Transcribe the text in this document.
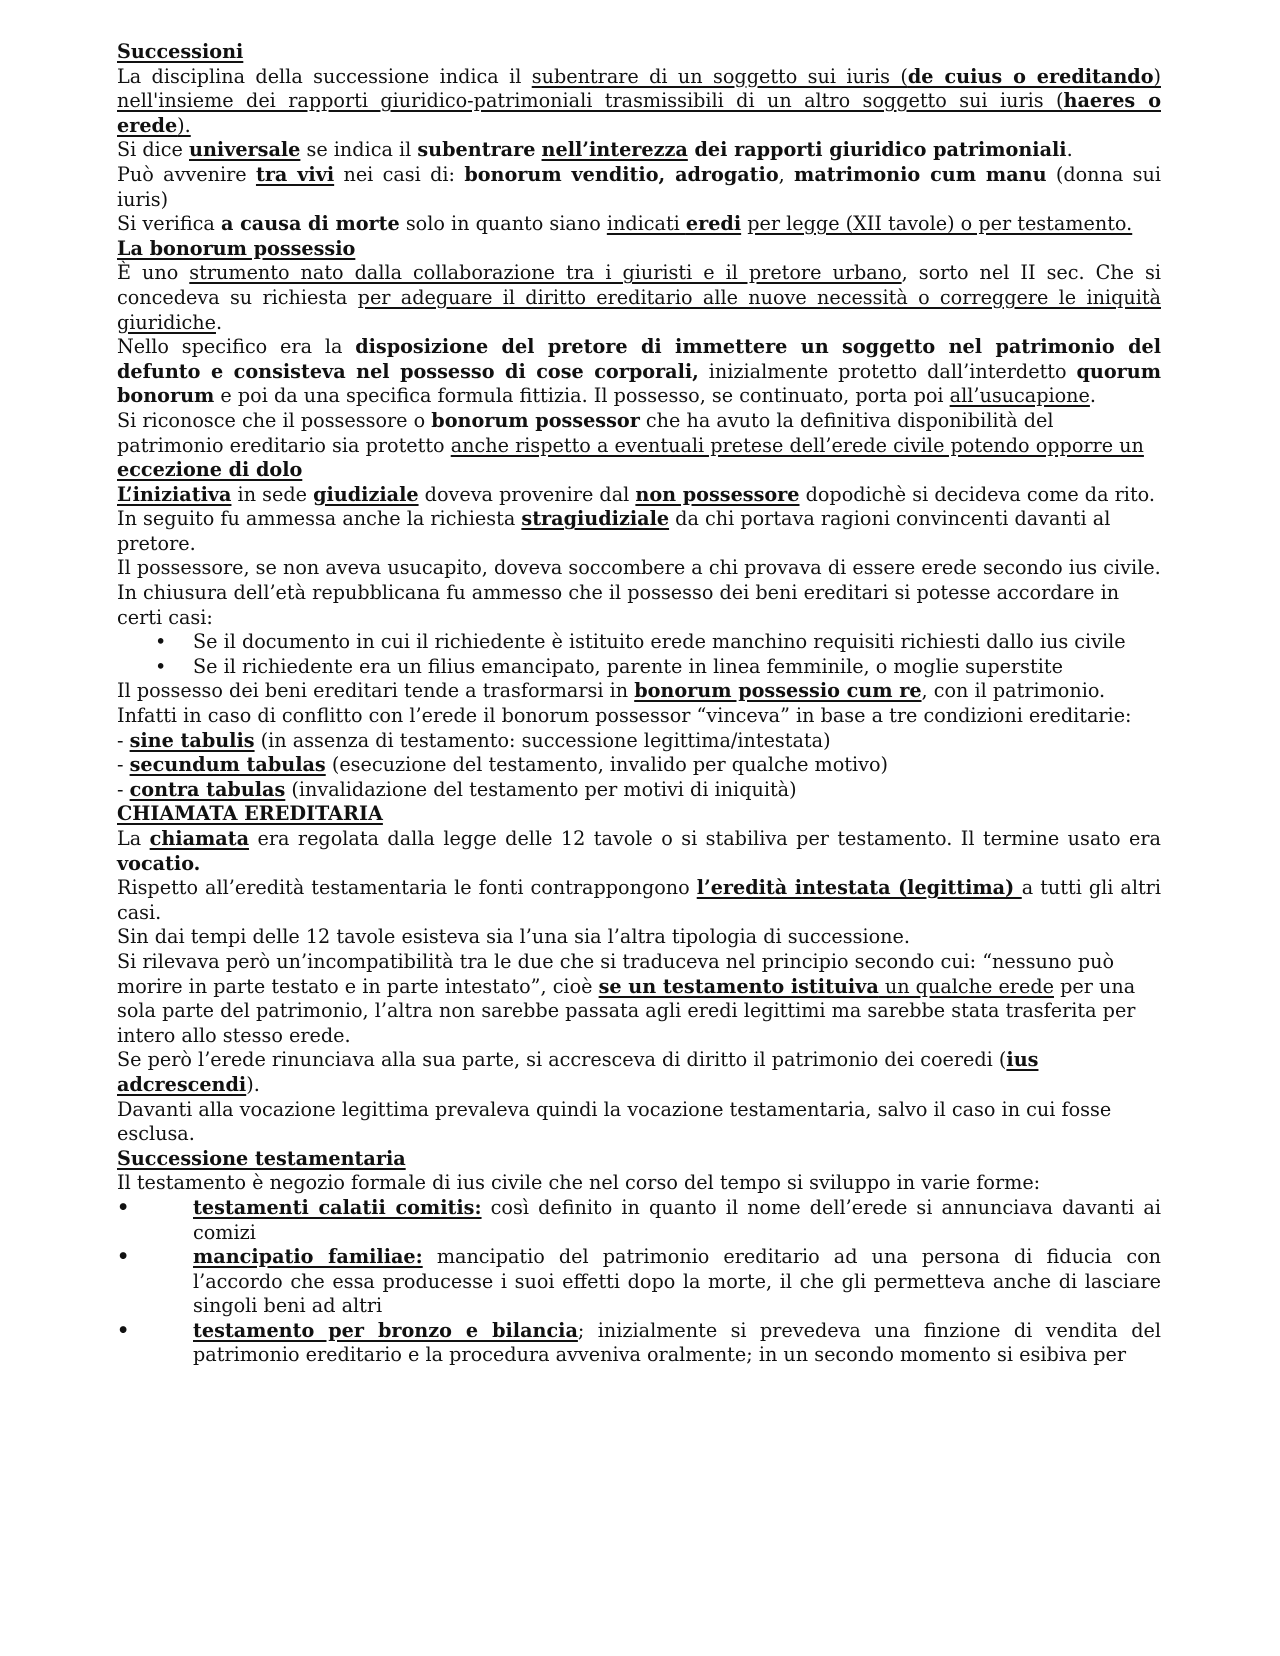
Successioni
La disciplina della successione indica il subentrare di un soggetto sui iuris (de cuius o ereditando) nell'insieme dei rapporti giuridico-patrimoniali trasmissibili di un altro soggetto sui iuris (haeres o erede).
Si dice universale se indica il subentrare nell’interezza dei rapporti giuridico patrimoniali.
Può avvenire tra vivi nei casi di: bonorum venditio, adrogatio, matrimonio cum manu (donna sui iuris)
Si verifica a causa di morte solo in quanto siano indicati eredi per legge (XII tavole) o per testamento.
La bonorum possessio
È uno strumento nato dalla collaborazione tra i giuristi e il pretore urbano, sorto nel II sec. Che si concedeva su richiesta per adeguare il diritto ereditario alle nuove necessità o correggere le iniquità giuridiche.
Nello specifico era la disposizione del pretore di immettere un soggetto nel patrimonio del defunto e consisteva nel possesso di cose corporali, inizialmente protetto dall’interdetto quorum bonorum e poi da una specifica formula fittizia. Il possesso, se continuato, porta poi all’usucapione.
Si riconosce che il possessore o bonorum possessor che ha avuto la definitiva disponibilità del patrimonio ereditario sia protetto anche rispetto a eventuali pretese dell’erede civile potendo opporre un eccezione di dolo
L’iniziativa in sede giudiziale doveva provenire dal non possessore dopodichè si decideva come da rito.
In seguito fu ammessa anche la richiesta stragiudiziale da chi portava ragioni convincenti davanti al pretore.
Il possessore, se non aveva usucapito, doveva soccombere a chi provava di essere erede secondo ius civile.
In chiusura dell’età repubblicana fu ammesso che il possesso dei beni ereditari si potesse accordare in certi casi:
• Se il documento in cui il richiedente è istituito erede manchino requisiti richiesti dallo ius civile
• Se il richiedente era un filius emancipato, parente in linea femminile, o moglie superstite
Il possesso dei beni ereditari tende a trasformarsi in bonorum possessio cum re, con il patrimonio.
Infatti in caso di conflitto con l’erede il bonorum possessor “vinceva” in base a tre condizioni ereditarie:
- sine tabulis (in assenza di testamento: successione legittima/intestata)
- secundum tabulas (esecuzione del testamento, invalido per qualche motivo)
- contra tabulas (invalidazione del testamento per motivi di iniquità)
CHIAMATA EREDITARIA
La chiamata era regolata dalla legge delle 12 tavole o si stabiliva per testamento. Il termine usato era vocatio.
Rispetto all’eredità testamentaria le fonti contrappongono l’eredità intestata (legittima) a tutti gli altri casi.
Sin dai tempi delle 12 tavole esisteva sia l’una sia l’altra tipologia di successione.
Si rilevava però un’incompatibilità tra le due che si traduceva nel principio secondo cui: “nessuno può morire in parte testato e in parte intestato”, cioè se un testamento istituiva un qualche erede per una sola parte del patrimonio, l’altra non sarebbe passata agli eredi legittimi ma sarebbe stata trasferita per intero allo stesso erede.
Se però l’erede rinunciava alla sua parte, si accresceva di diritto il patrimonio dei coeredi (ius adcrescendi).
Davanti alla vocazione legittima prevaleva quindi la vocazione testamentaria, salvo il caso in cui fosse esclusa.
Successione testamentaria
Il testamento è negozio formale di ius civile che nel corso del tempo si sviluppo in varie forme:
•	testamenti calatii comitis: così definito in quanto il nome dell’erede si annunciava davanti ai comizi
•	mancipatio familiae: mancipatio del patrimonio ereditario ad una persona di fiducia con l’accordo che essa producesse i suoi effetti dopo la morte, il che gli permetteva anche di lasciare singoli beni ad altri
•	testamento per bronzo e bilancia; inizialmente si prevedeva una finzione di vendita del patrimonio ereditario e la procedura avveniva oralmente; in un secondo momento si esibiva per
